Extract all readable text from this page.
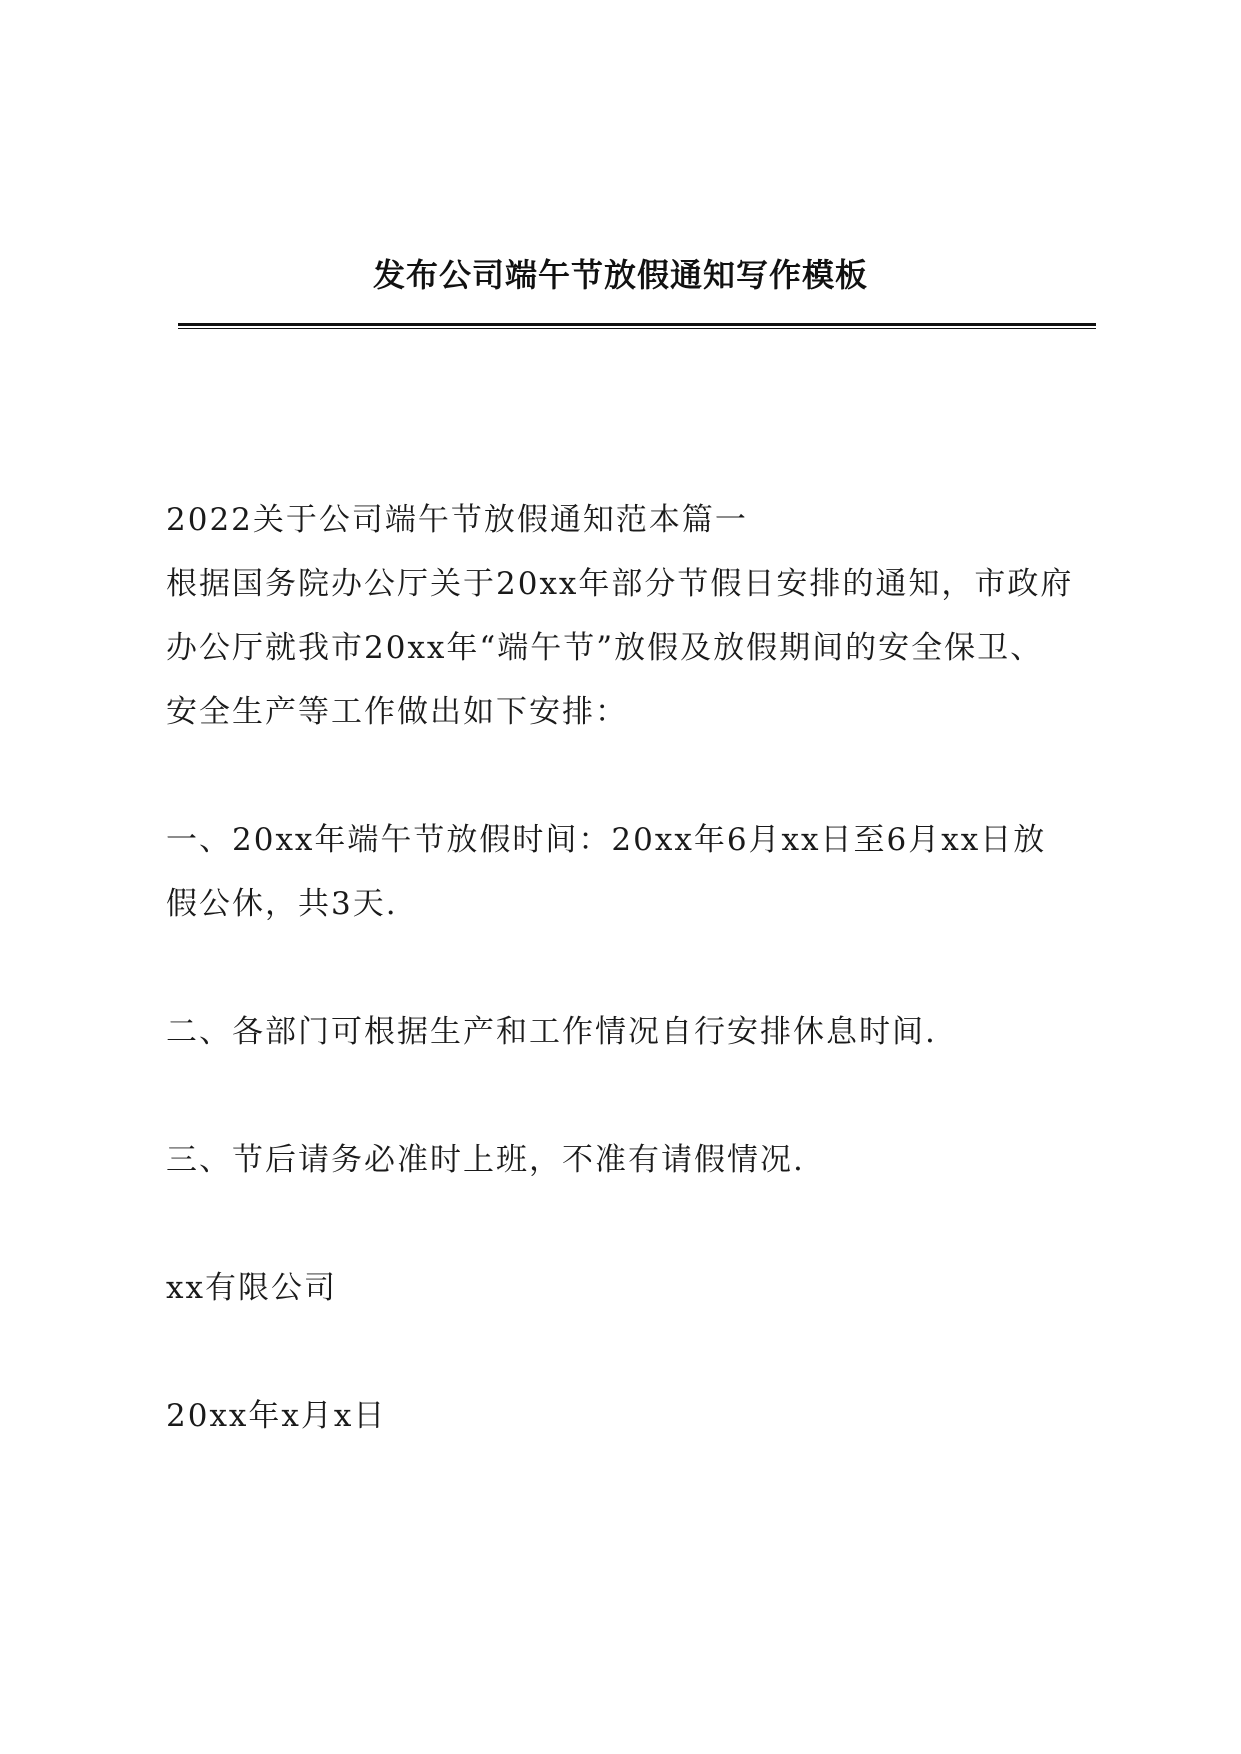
发布公司端午节放假通知写作模板

2022关于公司端午节放假通知范本篇一

根据国务院办公厅关于20xx年部分节假日安排的通知，市政府

办公厅就我市20xx年“端午节”放假及放假期间的安全保卫、

安全生产等工作做出如下安排：

一、20xx年端午节放假时间：20xx年6月xx日至6月xx日放

假公休，共3天.

二、各部门可根据生产和工作情况自行安排休息时间.

三、节后请务必准时上班，不准有请假情况.

xx有限公司

20xx年x月x日
